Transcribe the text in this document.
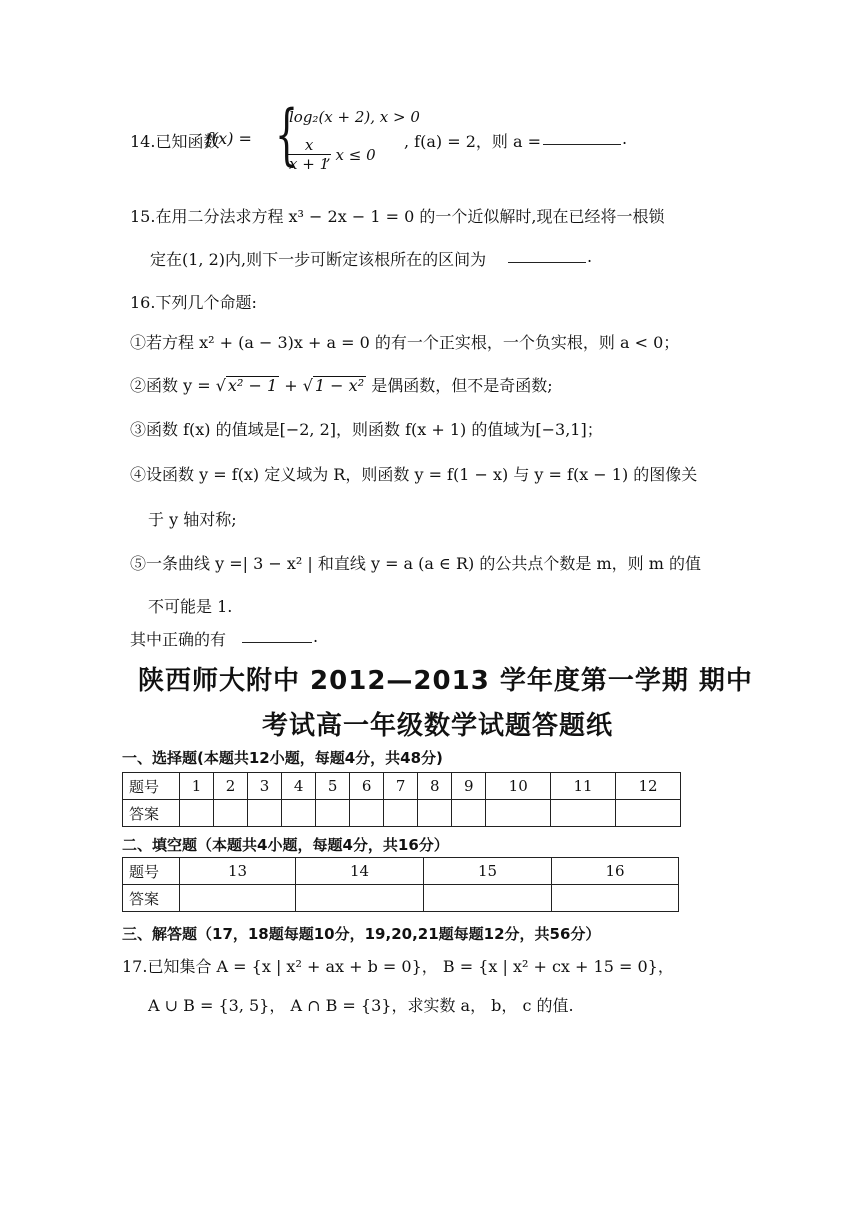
14.已知函数
f(x) = {
log₂(x + 2), x > 0
$\frac{x}{x + 1}$
, x ≤ 0
, f(a) = 2，则 a =	.
15.在用二分法求方程 x³ − 2x − 1 = 0 的一个近似解时,现在已经将一根锁
定在(1, 2)内,则下一步可断定该根所在的区间为	.
16.下列几个命题:
①若方程 x² + (a − 3)x + a = 0 的有一个正实根，一个负实根，则 a < 0；
②函数 y = √ x² − 1 + √ 1 − x² 是偶函数，但不是奇函数;
③函数 f(x) 的值域是[−2, 2]，则函数 f(x + 1) 的值域为[−3,1]；
④设函数 y = f(x) 定义域为 R，则函数 y = f(1 − x) 与 y = f(x − 1) 的图像关
于 y 轴对称;
⑤一条曲线 y =| 3 − x² | 和直线 y = a (a ∈ R) 的公共点个数是 m，则 m 的值
不可能是 1.
其中正确的有	.
陕西师大附中 2012—2013 学年度第一学期 期中
考试高一年级数学试题答题纸
一、选择题(本题共12小题，每题4分，共48分)
题号	1	2	3	4	5	6	7	8	9	10	11	12
答案												
二、填空题（本题共4小题，每题4分，共16分）
题号	13	14	15	16
答案				
三、解答题（17，18题每题10分，19,20,21题每题12分，共56分）
17.已知集合 A = {x | x² + ax + b = 0}， B = {x | x² + cx + 15 = 0}，
A ∪ B = {3, 5}， A ∩ B = {3}，求实数 a， b， c 的值.
